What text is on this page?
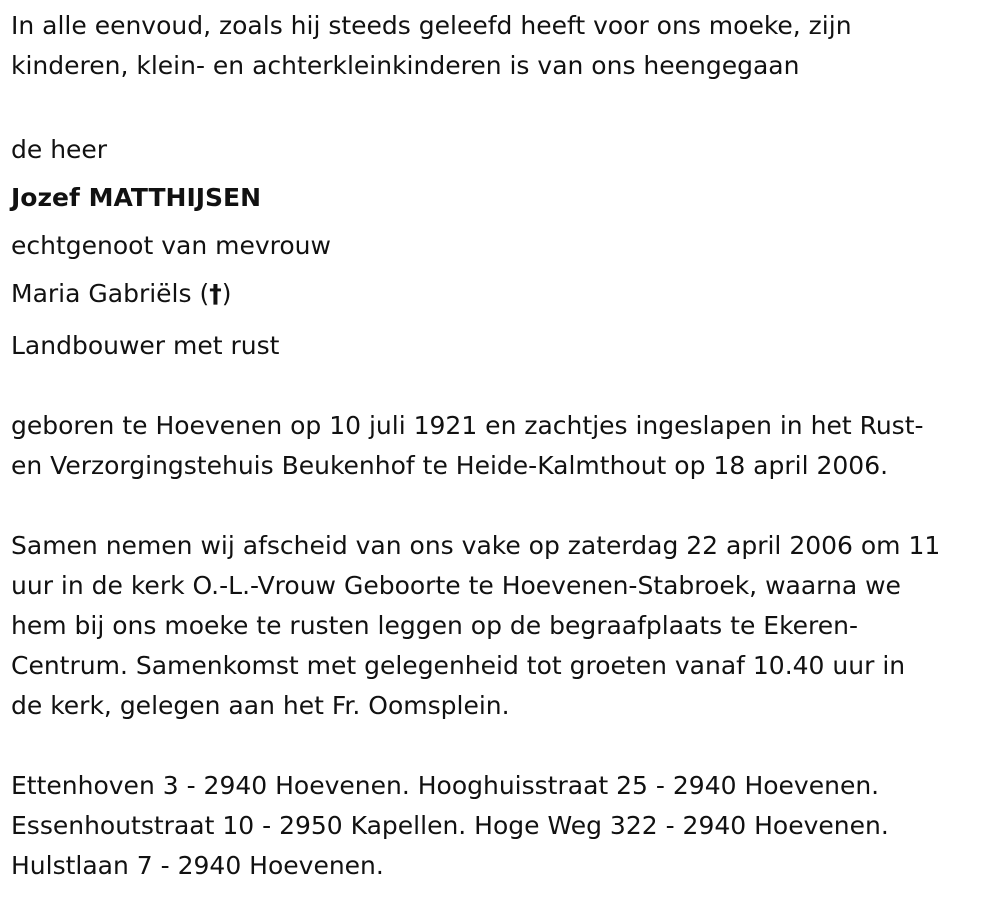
In alle eenvoud, zoals hij steeds geleefd heeft voor ons moeke, zijn

kinderen, klein- en achterkleinkinderen is van ons heengegaan

de heer

Jozef MATTHIJSEN

echtgenoot van mevrouw

Maria Gabriëls (†)

Landbouwer met rust

geboren te Hoevenen op 10 juli 1921 en zachtjes ingeslapen in het Rust-

en Verzorgingstehuis Beukenhof te Heide-Kalmthout op 18 april 2006.

Samen nemen wij afscheid van ons vake op zaterdag 22 april 2006 om 11

uur in de kerk O.-L.-Vrouw Geboorte te Hoevenen-Stabroek, waarna we

hem bij ons moeke te rusten leggen op de begraafplaats te Ekeren-

Centrum. Samenkomst met gelegenheid tot groeten vanaf 10.40 uur in

de kerk, gelegen aan het Fr. Oomsplein.

Ettenhoven 3 - 2940 Hoevenen. Hooghuisstraat 25 - 2940 Hoevenen.

Essenhoutstraat 10 - 2950 Kapellen. Hoge Weg 322 - 2940 Hoevenen.

Hulstlaan 7 - 2940 Hoevenen.
